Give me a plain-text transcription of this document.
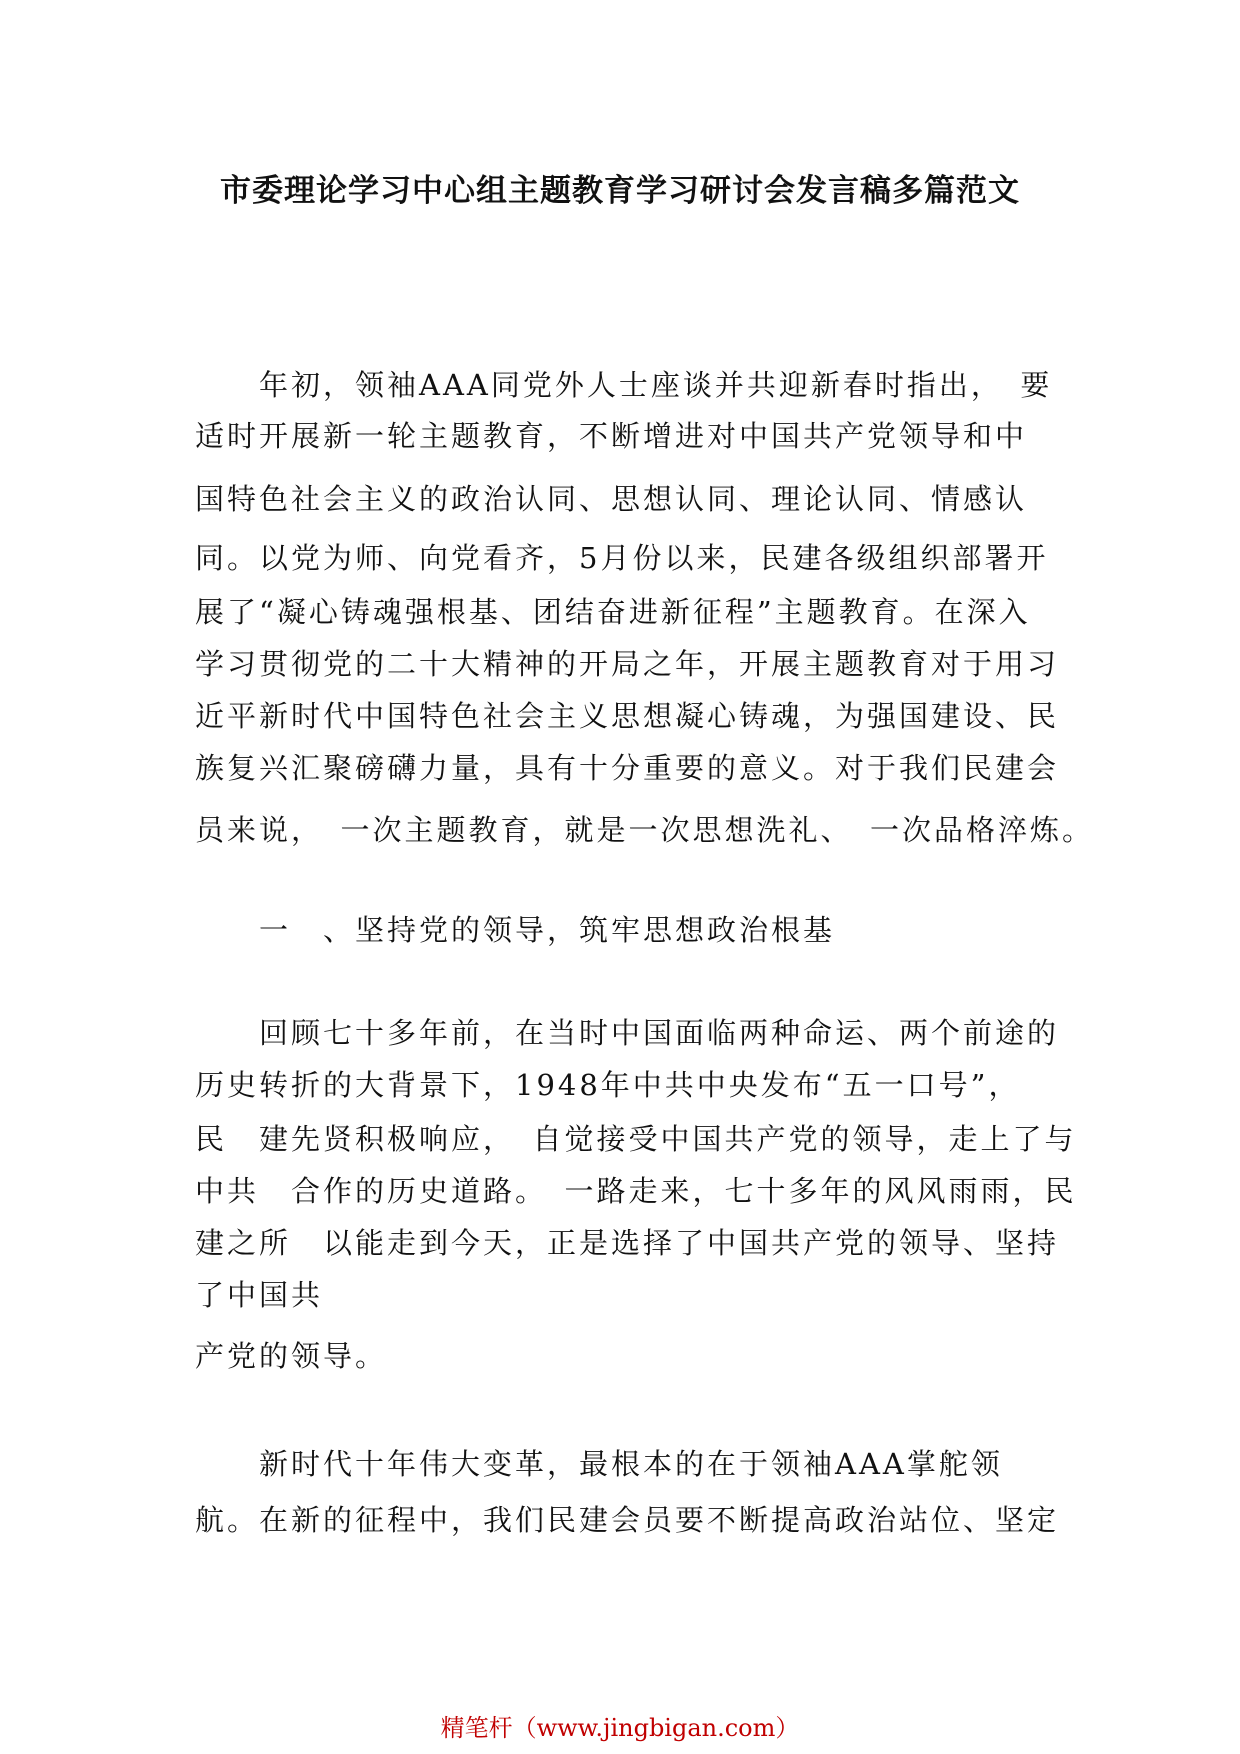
市委理论学习中心组主题教育学习研讨会发言稿多篇范文
　　年初，领袖AAA同党外人士座谈并共迎新春时指出，　要
适时开展新一轮主题教育，不断增进对中国共产党领导和中
国特色社会主义的政治认同、思想认同、理论认同、情感认
同。以党为师、向党看齐，5月份以来，民建各级组织部署开
展了“凝心铸魂强根基、团结奋进新征程”主题教育。在深入
学习贯彻党的二十大精神的开局之年，开展主题教育对于用习
近平新时代中国特色社会主义思想凝心铸魂，为强国建设、民
族复兴汇聚磅礴力量，具有十分重要的意义。对于我们民建会
员来说，　一次主题教育，就是一次思想洗礼、　一次品格淬炼。
　　一　、坚持党的领导，筑牢思想政治根基
　　回顾七十多年前，在当时中国面临两种命运、两个前途的
历史转折的大背景下，1948年中共中央发布“五一口号”，
民　建先贤积极响应，　自觉接受中国共产党的领导，走上了与
中共　合作的历史道路。　一路走来，七十多年的风风雨雨，民
建之所　以能走到今天，正是选择了中国共产党的领导、坚持
了中国共
产党的领导。
　　新时代十年伟大变革，最根本的在于领袖AAA掌舵领
航。在新的征程中，我们民建会员要不断提高政治站位、坚定
精笔杆（www.jingbigan.com）
